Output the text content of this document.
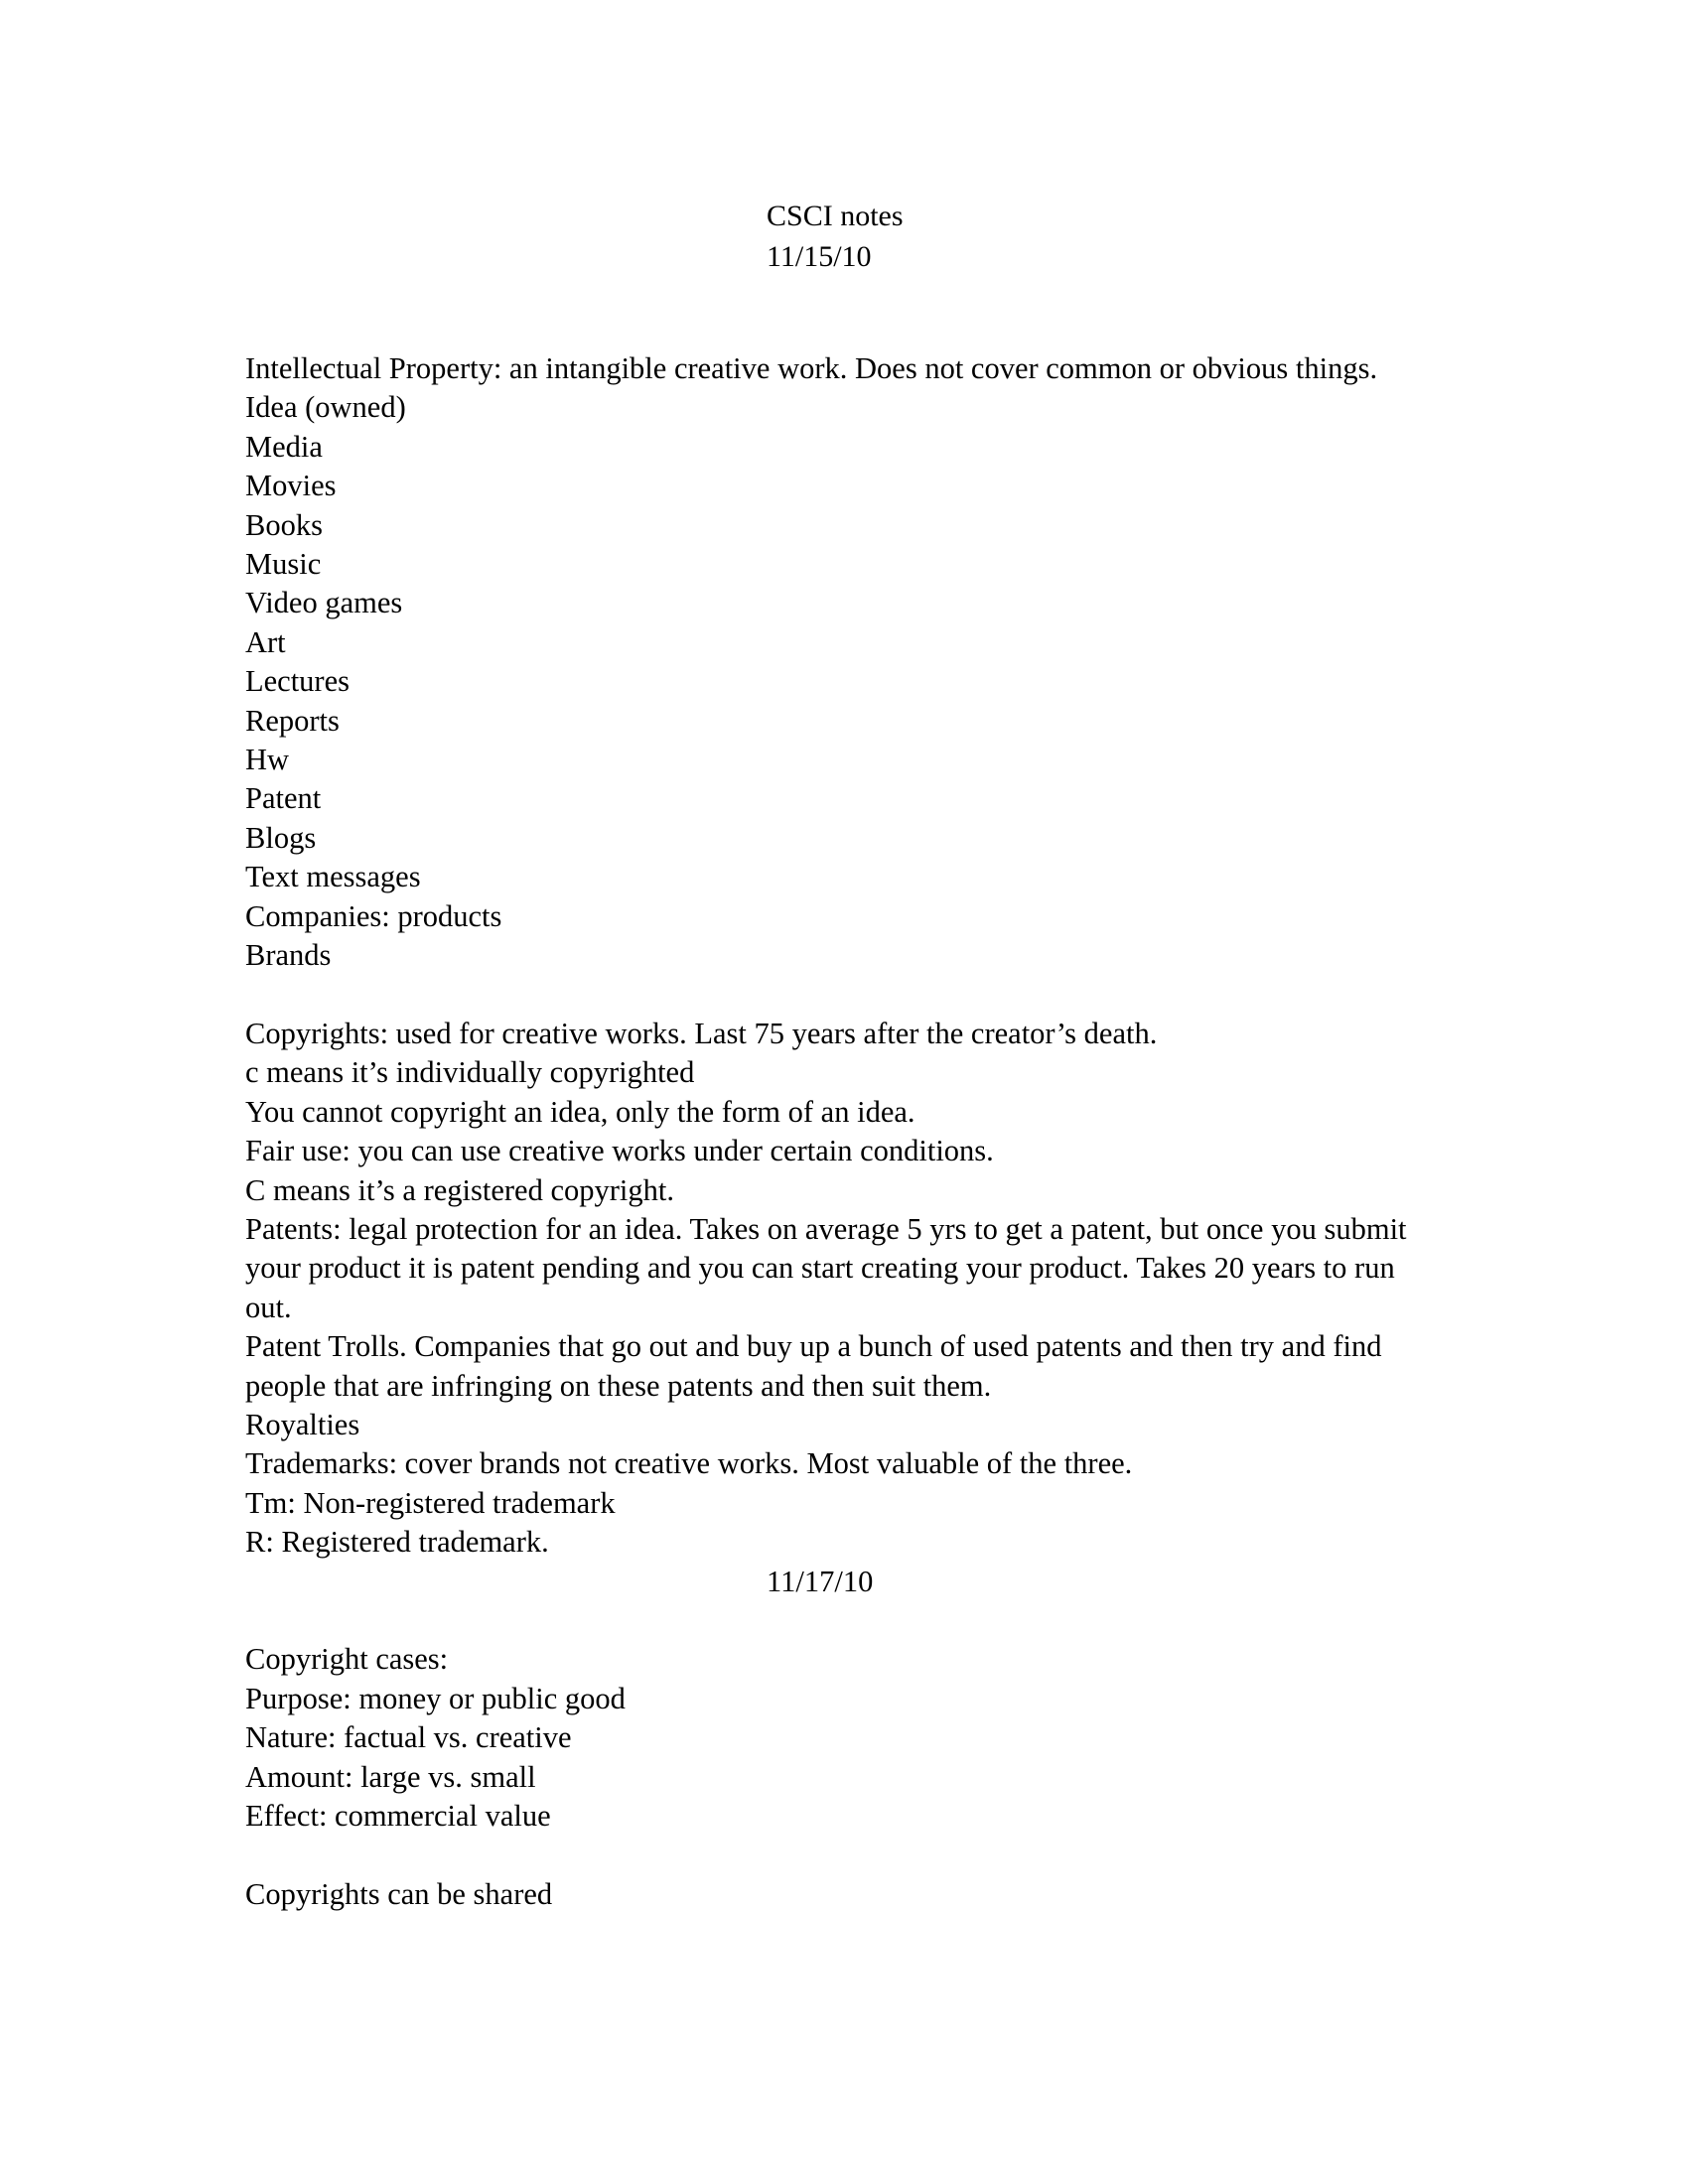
CSCI notes
11/15/10

Intellectual Property: an intangible creative work. Does not cover common or obvious things.

Idea (owned)

Media

Movies

Books

Music

Video games

Art

Lectures

Reports

Hw

Patent

Blogs

Text messages

Companies: products

Brands

Copyrights: used for creative works. Last 75 years after the creator’s death.

c means it’s individually copyrighted

You cannot copyright an idea, only the form of an idea.

Fair use: you can use creative works under certain conditions.

C means it’s a registered copyright.

Patents: legal protection for an idea. Takes on average 5 yrs to get a patent, but once you submit your product it is patent pending and you can start creating your product. Takes 20 years to run out.

Patent Trolls. Companies that go out and buy up a bunch of used patents and then try and find people that are infringing on these patents and then suit them.

Royalties

Trademarks: cover brands not creative works. Most valuable of the three.

Tm: Non-registered trademark

R: Registered trademark.

11/17/10

Copyright cases:

Purpose: money or public good

Nature: factual vs. creative

Amount: large vs. small

Effect: commercial value

Copyrights can be shared
